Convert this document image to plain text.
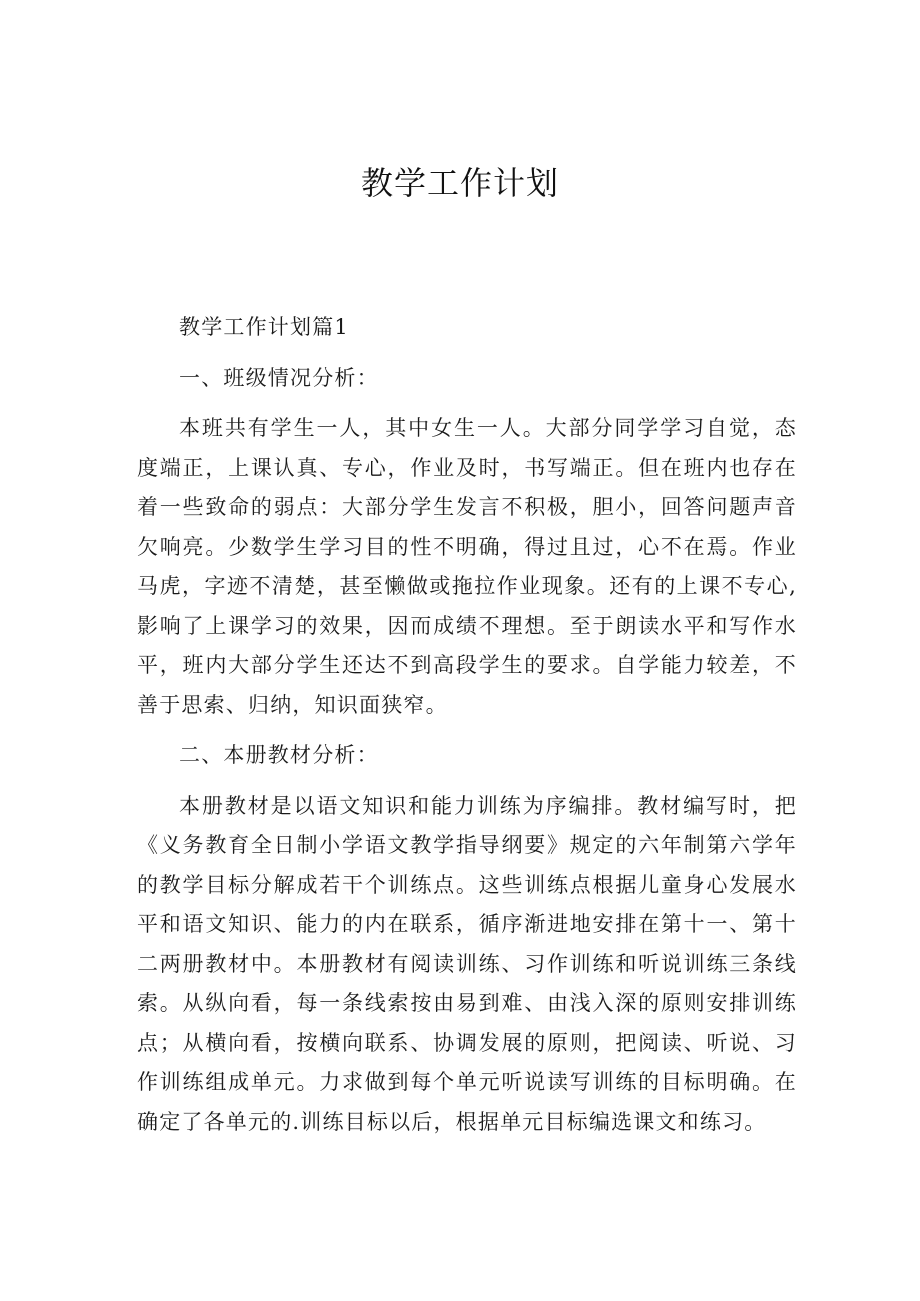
教学工作计划

教学工作计划篇1

一、班级情况分析：

本班共有学生一人，其中女生一人。大部分同学学习自觉，态度端正，上课认真、专心，作业及时，书写端正。但在班内也存在着一些致命的弱点：大部分学生发言不积极，胆小，回答问题声音欠响亮。少数学生学习目的性不明确，得过且过，心不在焉。作业马虎，字迹不清楚，甚至懒做或拖拉作业现象。还有的上课不专心,影响了上课学习的效果，因而成绩不理想。至于朗读水平和写作水平，班内大部分学生还达不到高段学生的要求。自学能力较差，不善于思索、归纳，知识面狭窄。

二、本册教材分析：

本册教材是以语文知识和能力训练为序编排。教材编写时，把《义务教育全日制小学语文教学指导纲要》规定的六年制第六学年的教学目标分解成若干个训练点。这些训练点根据儿童身心发展水平和语文知识、能力的内在联系，循序渐进地安排在第十一、第十二两册教材中。本册教材有阅读训练、习作训练和听说训练三条线索。从纵向看，每一条线索按由易到难、由浅入深的原则安排训练点；从横向看，按横向联系、协调发展的原则，把阅读、听说、习作训练组成单元。力求做到每个单元听说读写训练的目标明确。在确定了各单元的.训练目标以后，根据单元目标编选课文和练习。
